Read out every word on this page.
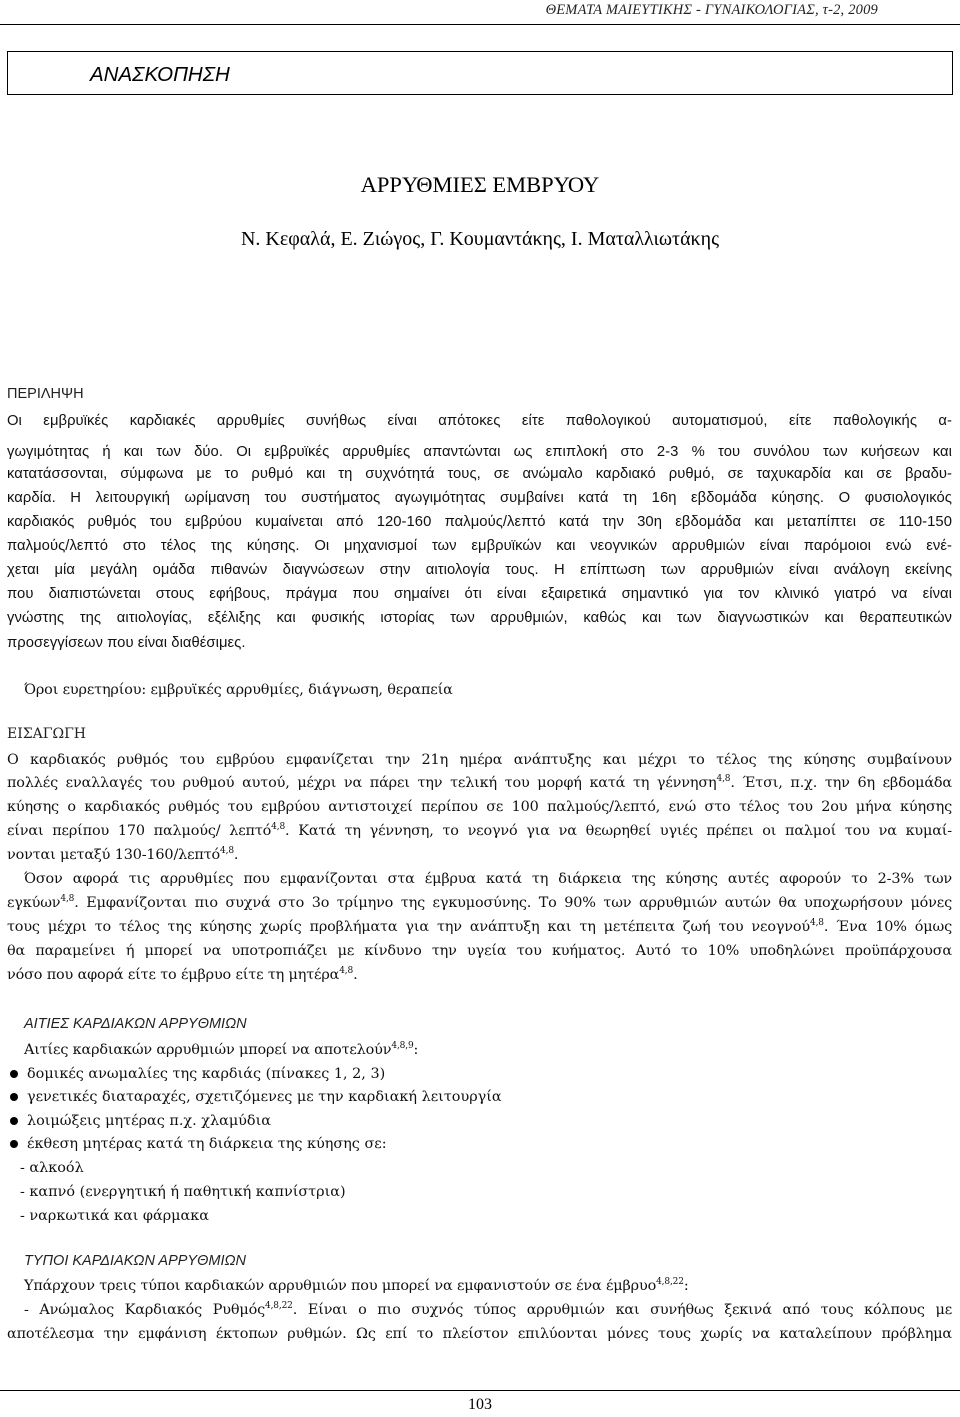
ΘΕΜΑΤΑ ΜΑΙΕΥΤΙΚΗΣ - ΓΥΝΑΙΚΟΛΟΓΙΑΣ, τ-2, 2009
ΑΝΑΣΚΟΠΗΣΗ
ΑΡΡΥΘΜΙΕΣ ΕΜΒΡΥΟΥ
Ν. Κεφαλά, Ε. Ζιώγος, Γ. Κουμαντάκης, Ι. Ματαλλιωτάκης
ΠΕΡΙΛΗΨΗ
Οι εμβρυϊκές καρδιακές αρρυθμίες συνήθως είναι απότοκες είτε παθολογικού αυτοματισμού, είτε παθολογικής α-
γωγιμότητας ή και των δύο. Οι εμβρυϊκές αρρυθμίες απαντώνται ως επιπλοκή στο 2-3 % του συνόλου των κυήσεων και
κατατάσσονται, σύμφωνα με το ρυθμό και τη συχνότητά τους, σε ανώμαλο καρδιακό ρυθμό, σε ταχυκαρδία και σε βραδυ-
καρδία. Η λειτουργική ωρίμανση του συστήματος αγωγιμότητας συμβαίνει κατά τη 16η εβδομάδα κύησης. Ο φυσιολογικός
καρδιακός ρυθμός του εμβρύου κυμαίνεται από 120-160 παλμούς/λεπτό κατά την 30η εβδομάδα και μεταπίπτει σε 110-150
παλμούς/λεπτό στο τέλος της κύησης. Οι μηχανισμοί των εμβρυϊκών και νεογνικών αρρυθμιών είναι παρόμοιοι ενώ ενέ-
χεται μία μεγάλη ομάδα πιθανών διαγνώσεων στην αιτιολογία τους. Η επίπτωση των αρρυθμιών είναι ανάλογη εκείνης
που διαπιστώνεται στους εφήβους, πράγμα που σημαίνει ότι είναι εξαιρετικά σημαντικό για τον κλινικό γιατρό να είναι
γνώστης της αιτιολογίας, εξέλιξης και φυσικής ιστορίας των αρρυθμιών, καθώς και των διαγνωστικών και θεραπευτικών
προσεγγίσεων που είναι διαθέσιμες.
Όροι ευρετηρίου: εμβρυϊκές αρρυθμίες, διάγνωση, θεραπεία
ΕΙΣΑΓΩΓΗ
Ο καρδιακός ρυθμός του εμβρύου εμφανίζεται την 21η ημέρα ανάπτυξης και μέχρι το τέλος της κύησης συμβαίνουν
πολλές εναλλαγές του ρυθμού αυτού, μέχρι να πάρει την τελική του μορφή κατά τη γέννηση$^{4,8}$. Έτσι, π.χ. την 6η εβδομάδα
κύησης ο καρδιακός ρυθμός του εμβρύου αντιστοιχεί περίπου σε 100 παλμούς/λεπτό, ενώ στο τέλος του 2ου μήνα κύησης
είναι περίπου 170 παλμούς/ λεπτό$^{4,8}$. Κατά τη γέννηση, το νεογνό για να θεωρηθεί υγιές πρέπει οι παλμοί του να κυμαί-
νονται μεταξύ 130-160/λεπτό$^{4,8}$.
Όσον αφορά τις αρρυθμίες που εμφανίζονται στα έμβρυα κατά τη διάρκεια της κύησης αυτές αφορούν το 2-3% των
εγκύων$^{4,8}$. Εμφανίζονται πιο συχνά στο 3ο τρίμηνο της εγκυμοσύνης. Το 90% των αρρυθμιών αυτών θα υποχωρήσουν μόνες
τους μέχρι το τέλος της κύησης χωρίς προβλήματα για την ανάπτυξη και τη μετέπειτα ζωή του νεογνού$^{4,8}$. Ένα 10% όμως
θα παραμείνει ή μπορεί να υποτροπιάζει με κίνδυνο την υγεία του κυήματος. Αυτό το 10% υποδηλώνει προϋπάρχουσα
νόσο που αφορά είτε το έμβρυο είτε τη μητέρα$^{4,8}$.
ΑΙΤΙΕΣ ΚΑΡΔΙΑΚΩΝ ΑΡΡΥΘΜΙΩΝ
Αιτίες καρδιακών αρρυθμιών μπορεί να αποτελούν$^{4,8,9}$:
δομικές ανωμαλίες της καρδιάς (πίνακες 1, 2, 3)
γενετικές διαταραχές, σχετιζόμενες με την καρδιακή λειτουργία
λοιμώξεις μητέρας π.χ. χλαμύδια
έκθεση μητέρας κατά τη διάρκεια της κύησης σε:
- αλκοόλ
- καπνό (ενεργητική ή παθητική καπνίστρια)
- ναρκωτικά και φάρμακα
ΤΥΠΟΙ ΚΑΡΔΙΑΚΩΝ ΑΡΡΥΘΜΙΩΝ
Υπάρχουν τρεις τύποι καρδιακών αρρυθμιών που μπορεί να εμφανιστούν σε ένα έμβρυο$^{4,8,22}$:
- Ανώμαλος Καρδιακός Ρυθμός$^{4,8,22}$. Είναι ο πιο συχνός τύπος αρρυθμιών και συνήθως ξεκινά από τους κόλπους με
αποτέλεσμα την εμφάνιση έκτοπων ρυθμών. Ως επί το πλείστον επιλύονται μόνες τους χωρίς να καταλείπουν πρόβλημα
103
